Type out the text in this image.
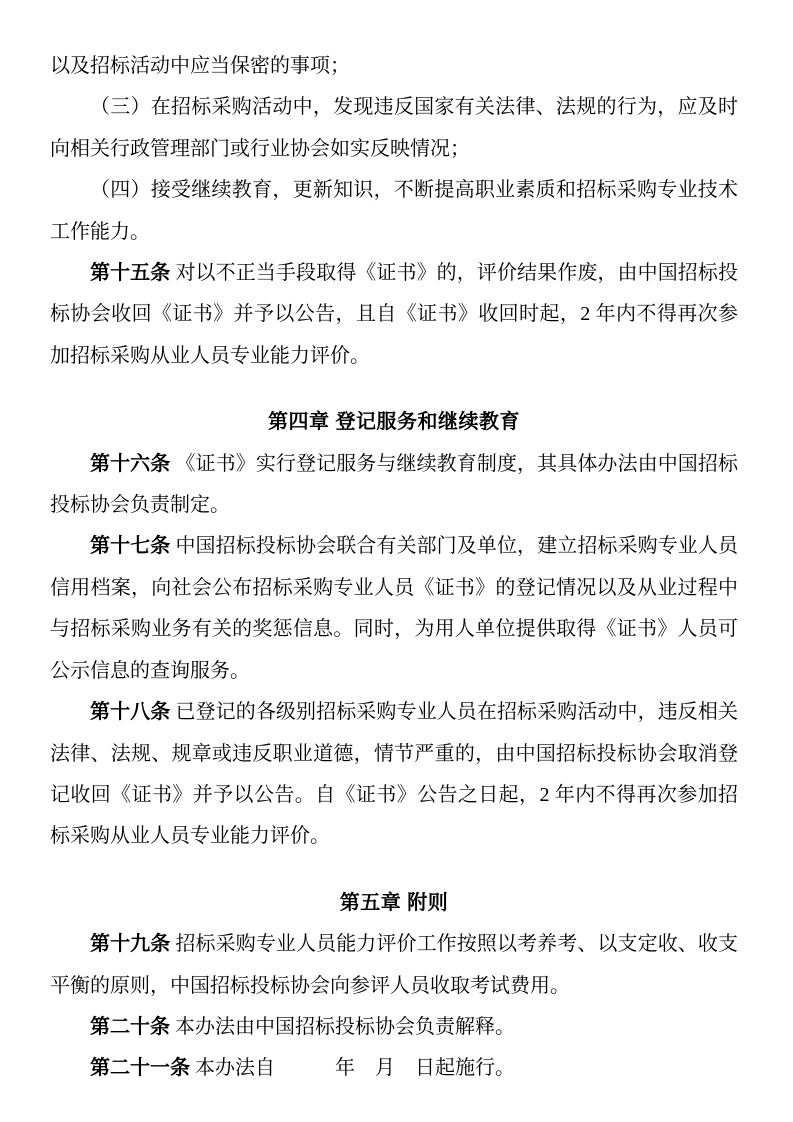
以及招标活动中应当保密的事项；
（三）在招标采购活动中，发现违反国家有关法律、法规的行为，应及时向相关行政管理部门或行业协会如实反映情况；
（四）接受继续教育，更新知识，不断提高职业素质和招标采购专业技术工作能力。
第十五条 对以不正当手段取得《证书》的，评价结果作废，由中国招标投标协会收回《证书》并予以公告，且自《证书》收回时起，2 年内不得再次参加招标采购从业人员专业能力评价。
第四章 登记服务和继续教育
第十六条 《证书》实行登记服务与继续教育制度，其具体办法由中国招标投标协会负责制定。
第十七条 中国招标投标协会联合有关部门及单位，建立招标采购专业人员信用档案，向社会公布招标采购专业人员《证书》的登记情况以及从业过程中与招标采购业务有关的奖惩信息。同时，为用人单位提供取得《证书》人员可公示信息的查询服务。
第十八条 已登记的各级别招标采购专业人员在招标采购活动中，违反相关法律、法规、规章或违反职业道德，情节严重的，由中国招标投标协会取消登记收回《证书》并予以公告。自《证书》公告之日起，2 年内不得再次参加招标采购从业人员专业能力评价。
第五章 附则
第十九条 招标采购专业人员能力评价工作按照以考养考、以支定收、收支平衡的原则，中国招标投标协会向参评人员收取考试费用。
第二十条 本办法由中国招标投标协会负责解释。
第二十一条 本办法自　　　年　月　日起施行。
